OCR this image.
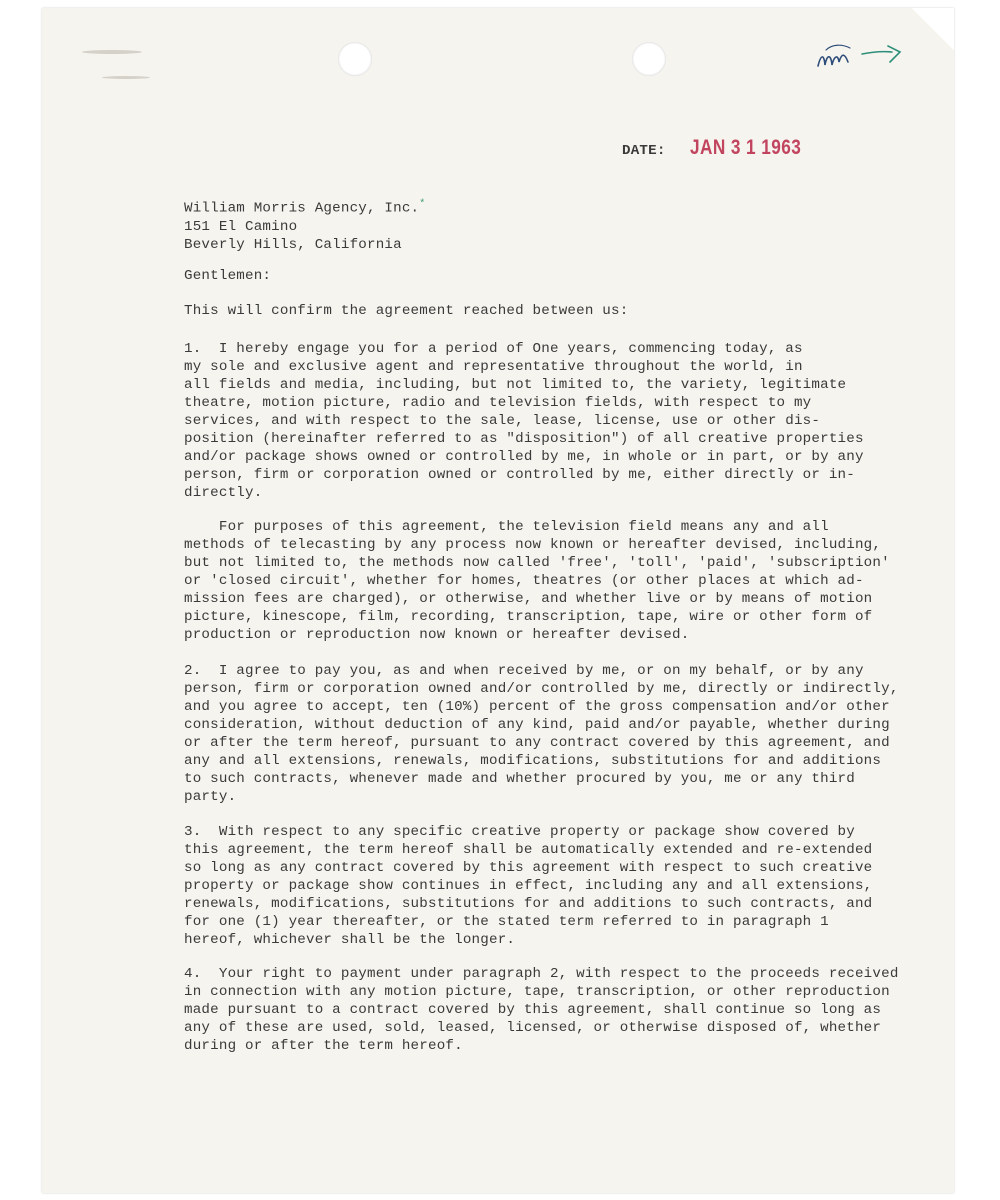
DATE: JAN 3 1 1963
William Morris Agency, Inc.*
151 El Camino
Beverly Hills, California
Gentlemen:
This will confirm the agreement reached between us:
1.  I hereby engage you for a period of One years, commencing today, as
my sole and exclusive agent and representative throughout the world, in
all fields and media, including, but not limited to, the variety, legitimate
theatre, motion picture, radio and television fields, with respect to my
services, and with respect to the sale, lease, license, use or other dis-
position (hereinafter referred to as "disposition") of all creative properties
and/or package shows owned or controlled by me, in whole or in part, or by any
person, firm or corporation owned or controlled by me, either directly or in-
directly.
For purposes of this agreement, the television field means any and all
methods of telecasting by any process now known or hereafter devised, including,
but not limited to, the methods now called 'free', 'toll', 'paid', 'subscription'
or 'closed circuit', whether for homes, theatres (or other places at which ad-
mission fees are charged), or otherwise, and whether live or by means of motion
picture, kinescope, film, recording, transcription, tape, wire or other form of
production or reproduction now known or hereafter devised.
2.  I agree to pay you, as and when received by me, or on my behalf, or by any
person, firm or corporation owned and/or controlled by me, directly or indirectly,
and you agree to accept, ten (10%) percent of the gross compensation and/or other
consideration, without deduction of any kind, paid and/or payable, whether during
or after the term hereof, pursuant to any contract covered by this agreement, and
any and all extensions, renewals, modifications, substitutions for and additions
to such contracts, whenever made and whether procured by you, me or any third
party.
3.  With respect to any specific creative property or package show covered by
this agreement, the term hereof shall be automatically extended and re-extended
so long as any contract covered by this agreement with respect to such creative
property or package show continues in effect, including any and all extensions,
renewals, modifications, substitutions for and additions to such contracts, and
for one (1) year thereafter, or the stated term referred to in paragraph 1
hereof, whichever shall be the longer.
4.  Your right to payment under paragraph 2, with respect to the proceeds received
in connection with any motion picture, tape, transcription, or other reproduction
made pursuant to a contract covered by this agreement, shall continue so long as
any of these are used, sold, leased, licensed, or otherwise disposed of, whether
during or after the term hereof.
